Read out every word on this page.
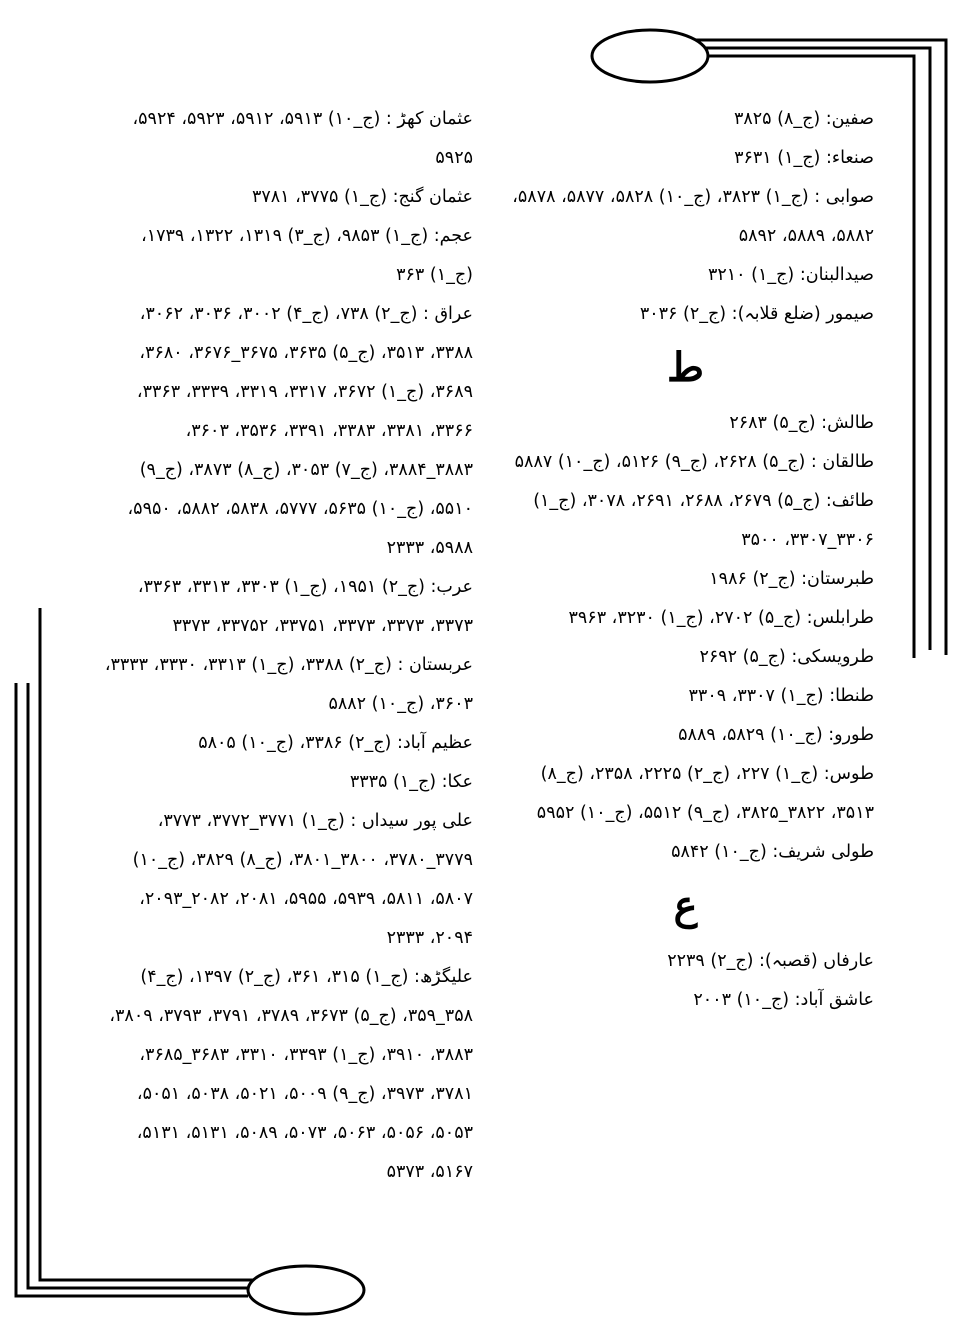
صفین: (ج_۸) ۳۸۲۵

صنعاء: (ج_۱) ۳۶۳۱

صوابی : (ج_۱) ۳۸۲۳، (ج_۱۰) ۵۸۲۸، ۵۸۷۷، ۵۸۷۸، ۵۸۸۲، ۵۸۸۹، ۵۸۹۲

صیدالبنان: (ج_۱) ۳۲۱۰

صیمور (ضلع قلابہ): (ج_۲) ۳۰۳۶

ط

طالش: (ج_۵) ۲۶۸۳

طالقان : (ج_۵) ۲۶۲۸، (ج_۹) ۵۱۲۶، (ج_۱۰) ۵۸۸۷

طائف: (ج_۵) ۲۶۷۹، ۲۶۸۸، ۲۶۹۱، ۳۰۷۸، (ج_۱) ۳۳۰۶_۳۳۰۷، ۳۵۰۰

طبرستان: (ج_۲) ۱۹۸۶

طرابلس: (ج_۵) ۲۷۰۲، (ج_۱) ۳۲۳۰، ۳۹۶۳

طرویسکی: (ج_۵) ۲۶۹۲

طنطا: (ج_۱) ۳۳۰۷، ۳۳۰۹

طورو: (ج_۱۰) ۵۸۲۹، ۵۸۸۹

طوس: (ج_۱) ۲۲۷، (ج_۲) ۲۲۲۵، ۲۳۵۸، (ج_۸) ۳۵۱۳، ۳۸۲۲_۳۸۲۵، (ج_۹) ۵۵۱۲، (ج_۱۰) ۵۹۵۲

طولی شریف: (ج_۱۰) ۵۸۴۲

ع

عارفاں (قصبہ): (ج_۲) ۲۲۳۹

عاشق آباد: (ج_۱۰) ۲۰۰۳

عثمان کھڑ : (ج_۱۰) ۵۹۱۳، ۵۹۱۲، ۵۹۲۳، ۵۹۲۴، ۵۹۲۵

عثمان گنج: (ج_۱) ۳۷۷۵، ۳۷۸۱

عجم: (ج_۱) ۹۸۵۳، (ج_۳) ۱۳۱۹، ۱۳۲۲، ۱۷۳۹، (ج_۱) ۳۶۳

عراق : (ج_۲) ۷۳۸، (ج_۴) ۳۰۰۲، ۳۰۳۶، ۳۰۶۲، ۳۳۸۸، ۳۵۱۳، (ج_۵) ۳۶۳۵، ۳۶۷۵_۳۶۷۶، ۳۶۸۰، ۳۶۸۹، (ج_۱) ۳۶۷۲، ۳۳۱۷، ۳۳۱۹، ۳۳۳۹، ۳۳۶۳، ۳۳۶۶، ۳۳۸۱، ۳۳۸۳، ۳۳۹۱، ۳۵۳۶، ۳۶۰۳، ۳۸۸۳_۳۸۸۴، (ج_۷) ۳۰۵۳، (ج_۸) ۳۸۷۳، (ج_۹) ۵۵۱۰، (ج_۱۰) ۵۶۳۵، ۵۷۷۷، ۵۸۳۸، ۵۸۸۲، ۵۹۵۰، ۵۹۸۸، ۲۳۳۳

عرب: (ج_۲) ۱۹۵۱، (ج_۱) ۳۳۰۳، ۳۳۱۳، ۳۳۶۳، ۳۳۷۳، ۳۳۷۳، ۳۳۷۳، ۳۳۷۵۱، ۳۳۷۵۲، ۳۳۷۳

عربستان : (ج_۲) ۳۳۸۸، (ج_۱) ۳۳۱۳، ۳۳۳۰، ۳۳۳۳، ۳۶۰۳، (ج_۱۰) ۵۸۸۲

عظیم آباد: (ج_۲) ۳۳۸۶، (ج_۱۰) ۵۸۰۵

عکا: (ج_۱) ۳۳۳۵

علی پور سیداں : (ج_۱) ۳۷۷۱_۳۷۷۲، ۳۷۷۳، ۳۷۷۹_۳۷۸۰، ۳۸۰۰_۳۸۰۱، (ج_۸) ۳۸۲۹، (ج_۱۰) ۵۸۰۷، ۵۸۱۱، ۵۹۳۹، ۵۹۵۵، ۲۰۸۱، ۲۰۸۲_۲۰۹۳، ۲۰۹۴، ۲۳۳۳

علیگڑھ: (ج_۱) ۳۱۵، ۳۶۱، (ج_۲) ۱۳۹۷، (ج_۴) ۳۵۸_۳۵۹، (ج_۵) ۳۶۷۳، ۳۷۸۹، ۳۷۹۱، ۳۷۹۳، ۳۸۰۹، ۳۸۸۳، ۳۹۱۰، (ج_۱) ۳۳۹۳، ۳۳۱۰، ۳۶۸۳_۳۶۸۵، ۳۷۸۱، ۳۹۷۳، (ج_۹) ۵۰۰۹، ۵۰۲۱، ۵۰۳۸، ۵۰۵۱، ۵۰۵۳، ۵۰۵۶، ۵۰۶۳، ۵۰۷۳، ۵۰۸۹، ۵۱۳۱، ۵۱۳۱، ۵۱۶۷، ۵۳۷۳
